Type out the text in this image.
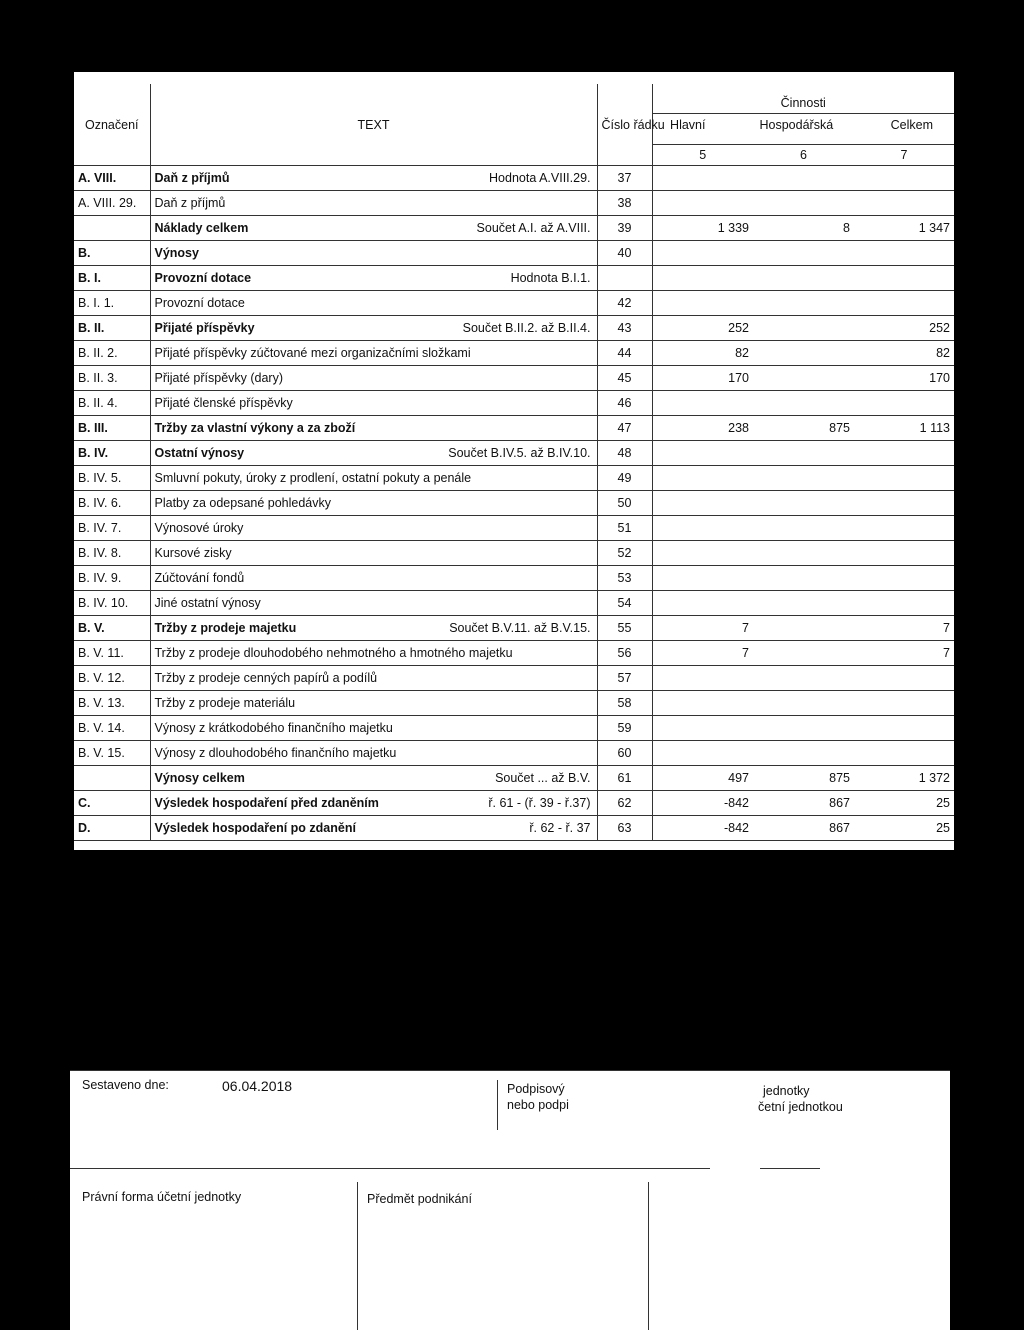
Označení	TEXT	Číslo řádku	
Činnosti
Hlavní	Hospodářská	Celkem

5	6	7
A. VIII.	Daň z příjmů	Hodnota A.VIII.29.	37			
A. VIII. 29.	Daň z příjmů	38			
	Náklady celkem	Součet A.I. až A.VIII.	39	1 339	8	1 347
B.	Výnosy	40			
B. I.	Provozní dotace	Hodnota B.I.1.

B. I. 1.	Provozní dotace	42			
B. II.	Přijaté příspěvky	Součet B.II.2. až B.II.4.	43	252		252
B. II. 2.	Přijaté příspěvky zúčtované mezi organizačními složkami	44	82		82
B. II. 3.	Přijaté příspěvky (dary)	45	170		170
B. II. 4.	Přijaté členské příspěvky	46			
B. III.	Tržby za vlastní výkony a za zboží	47	238	875	1 113
B. IV.	Ostatní výnosy	Součet B.IV.5. až B.IV.10.	48			
B. IV. 5.	Smluvní pokuty, úroky z prodlení, ostatní pokuty a penále	49			
B. IV. 6.	Platby za odepsané pohledávky	50			
B. IV. 7.	Výnosové úroky	51			
B. IV. 8.	Kursové zisky	52			
B. IV. 9.	Zúčtování fondů	53			
B. IV. 10.	Jiné ostatní výnosy	54			
B. V.	Tržby z prodeje majetku	Součet B.V.11. až B.V.15.	55	7		7
B. V. 11.	Tržby z prodeje dlouhodobého nehmotného a hmotného majetku	56	7		7
B. V. 12.	Tržby z prodeje cenných papírů a podílů	57			
B. V. 13.	Tržby z prodeje materiálu	58			
B. V. 14.	Výnosy z krátkodobého finančního majetku	59			
B. V. 15.	Výnosy z dlouhodobého finančního majetku	60			
	Výnosy celkem	Součet ... až B.V.	61	497	875	1 372
C.	Výsledek hospodaření před zdaněním	ř. 61 - (ř. 39 - ř.37)	62	-842	867	25
D.	Výsledek hospodaření po zdanění	ř. 62 - ř. 37	63	-842	867	25
Sestaveno dne:	06.04.2018	Podpisový
nebo podpi
jednotky
četní jednotkou
Právní forma účetní jednotky	Předmět podnikání
